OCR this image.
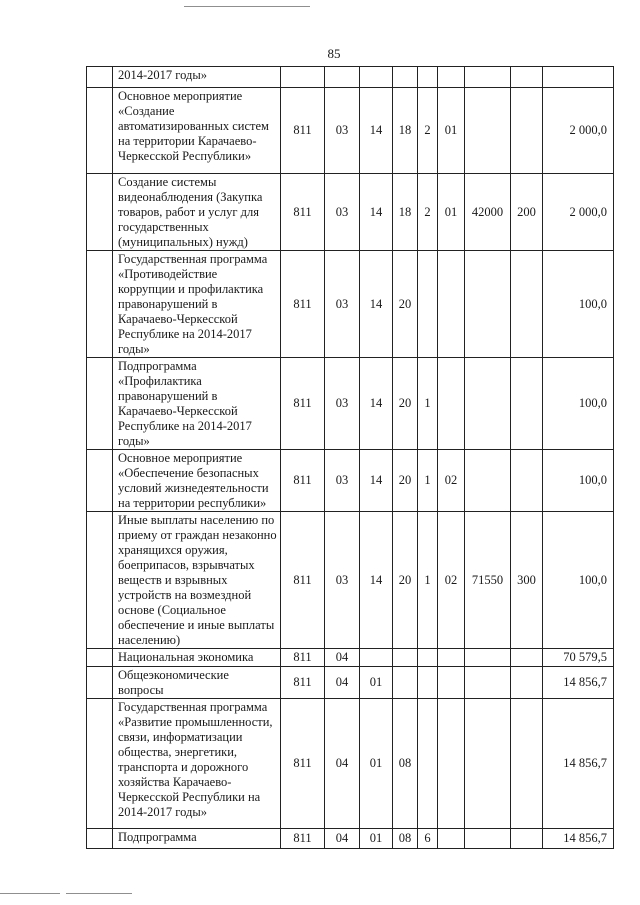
85
	2014-2017 годы»									
	Основное мероприятие «Создание автоматизированных систем на территории Карачаево-Черкесской Республики»	811	03	14	18	2	01			2 000,0
	Создание системы видеонаблюдения (Закупка товаров, работ и услуг для государственных (муниципальных) нужд)	811	03	14	18	2	01	42000	200	2 000,0
	Государственная программа «Противодействие коррупции и профилактика правонарушений в Карачаево-Черкесской Республике на 2014-2017 годы»	811	03	14	20					100,0
	Подпрограмма «Профилактика правонарушений в Карачаево-Черкесской Республике на 2014-2017 годы»	811	03	14	20	1				100,0
	Основное мероприятие «Обеспечение безопасных условий жизнедеятельности на территории республики»	811	03	14	20	1	02			100,0
	Иные выплаты населению по приему от граждан незаконно хранящихся оружия, боеприпасов, взрывчатых веществ и взрывных устройств на возмездной основе (Социальное обеспечение и иные выплаты населению)	811	03	14	20	1	02	71550	300	100,0
	Национальная экономика	811	04							70 579,5
	Общеэкономические вопросы	811	04	01						14 856,7
	Государственная программа «Развитие промышленности, связи, информатизации общества, энергетики, транспорта и дорожного хозяйства Карачаево-Черкесской Республики на 2014-2017 годы»	811	04	01	08					14 856,7
	Подпрограмма	811	04	01	08	6				14 856,7
